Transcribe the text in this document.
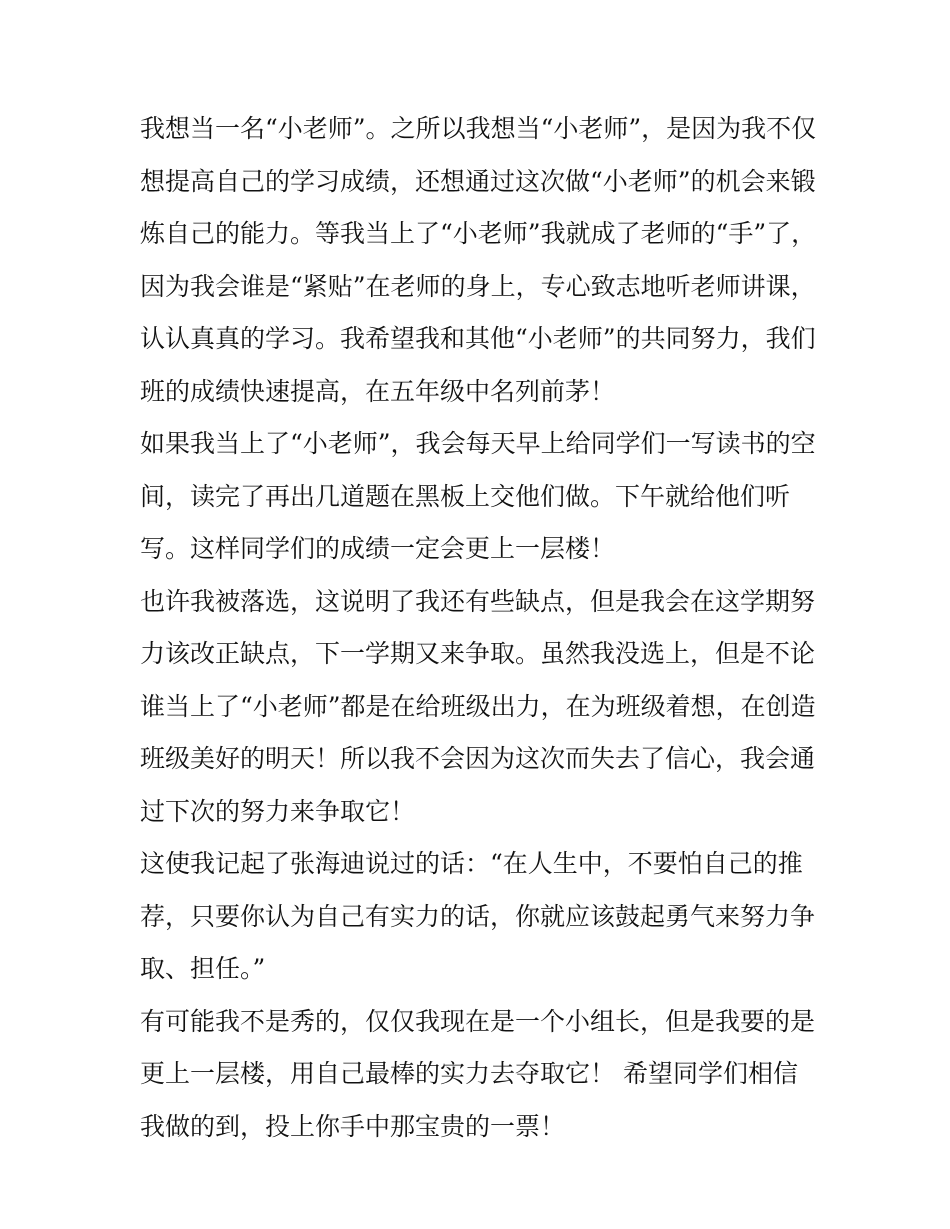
我想当一名“小老师”。之所以我想当“小老师”，是因为我不仅
想提高自己的学习成绩，还想通过这次做“小老师”的机会来锻
炼自己的能力。等我当上了“小老师”我就成了老师的“手”了，
因为我会谁是“紧贴”在老师的身上，专心致志地听老师讲课，
认认真真的学习。我希望我和其他“小老师”的共同努力，我们
班的成绩快速提高，在五年级中名列前茅！
如果我当上了“小老师”，我会每天早上给同学们一写读书的空
间，读完了再出几道题在黑板上交他们做。下午就给他们听
写。这样同学们的成绩一定会更上一层楼！
也许我被落选，这说明了我还有些缺点，但是我会在这学期努
力该改正缺点，下一学期又来争取。虽然我没选上，但是不论
谁当上了“小老师”都是在给班级出力，在为班级着想，在创造
班级美好的明天！所以我不会因为这次而失去了信心，我会通
过下次的努力来争取它！
这使我记起了张海迪说过的话：“在人生中，不要怕自己的推
荐，只要你认为自己有实力的话，你就应该鼓起勇气来努力争
取、担任。”
有可能我不是秀的，仅仅我现在是一个小组长，但是我要的是
更上一层楼，用自己最棒的实力去夺取它！ 希望同学们相信
我做的到，投上你手中那宝贵的一票！
